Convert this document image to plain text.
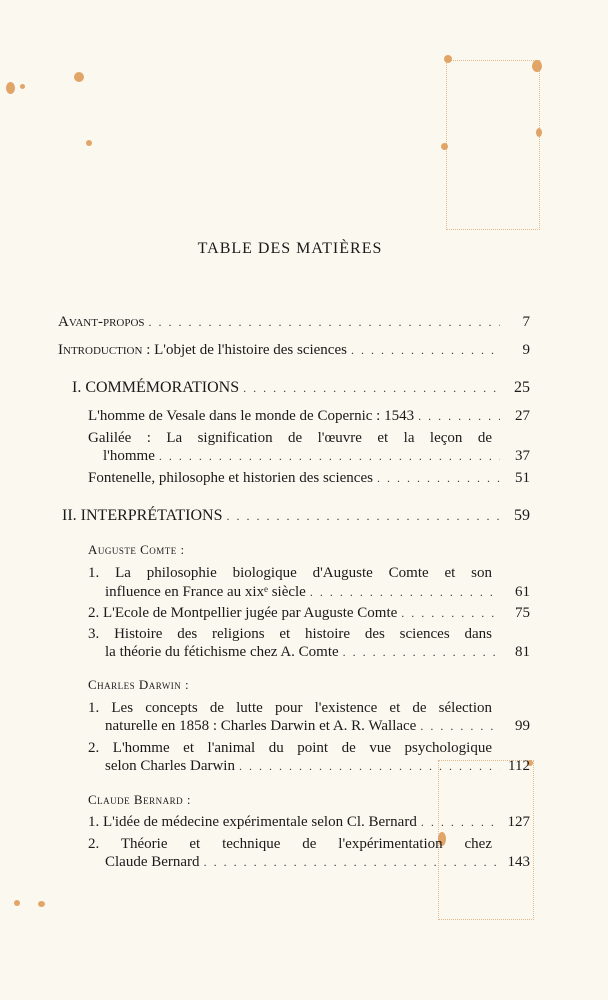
TABLE DES MATIÈRES
Avant-propos . . .	7
Introduction : L'objet de l'histoire des sciences . . .	9
I. COMMÉMORATIONS . . .	25
L'homme de Vesale dans le monde de Copernic : 1543 . . .	27
Galilée : La signification de l'œuvre et la leçon de
l'homme . . .	37
Fontenelle, philosophe et historien des sciences . . .	51
II. INTERPRÉTATIONS . . .	59
Auguste Comte :
1. La philosophie biologique d'Auguste Comte et son
influence en France au xixᵉ siècle . . .	61
2. L'Ecole de Montpellier jugée par Auguste Comte . . .	75
3. Histoire des religions et histoire des sciences dans
la théorie du fétichisme chez A. Comte . . .	81
Charles Darwin :
1. Les concepts de lutte pour l'existence et de sélection
naturelle en 1858 : Charles Darwin et A. R. Wallace . . .	99
2. L'homme et l'animal du point de vue psychologique
selon Charles Darwin . . .	112
Claude Bernard :
1. L'idée de médecine expérimentale selon Cl. Bernard . . .	127
2. Théorie et technique de l'expérimentation chez
Claude Bernard . . .	143
